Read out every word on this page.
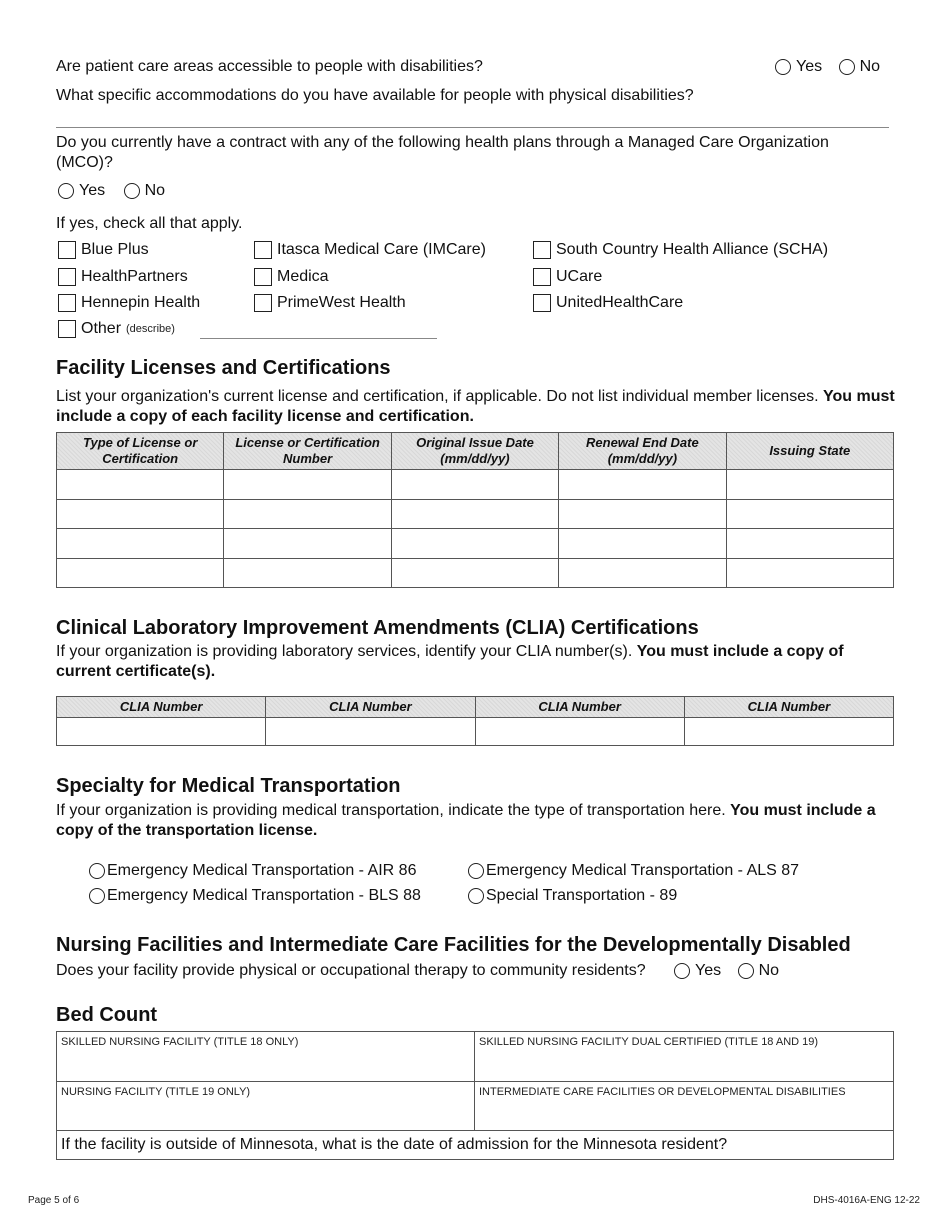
Are patient care areas accessible to people with disabilities?	Yes
No
What specific accommodations do you have available for people with physical disabilities?
Do you currently have a contract with any of the following health plans through a Managed Care Organization (MCO)?
Yes
No
If yes, check all that apply.
Blue Plus
HealthPartners
Hennepin Health
Itasca Medical Care (IMCare)
Medica
PrimeWest Health
South Country Health Alliance (SCHA)
UCare
UnitedHealthCare
Other (describe)
Facility Licenses and Certifications
List your organization's current license and certification, if applicable. Do not list individual member licenses. You must include a copy of each facility license and certification.
Type of License or Certification	License or Certification Number	Original Issue Date (mm/dd/yy)	Renewal End Date (mm/dd/yy)	Issuing State

Clinical Laboratory Improvement Amendments (CLIA) Certifications
If your organization is providing laboratory services, identify your CLIA number(s). You must include a copy of current certificate(s).
CLIA Number	CLIA Number	CLIA Number	CLIA Number

Specialty for Medical Transportation
If your organization is providing medical transportation, indicate the type of transportation here. You must include a copy of the transportation license.
Emergency Medical Transportation - AIR 86
Emergency Medical Transportation - BLS 88
Emergency Medical Transportation - ALS 87
Special Transportation - 89
Nursing Facilities and Intermediate Care Facilities for the Developmentally Disabled
Does your facility provide physical or occupational therapy to community residents?	Yes
No
Bed Count
SKILLED NURSING FACILITY (TITLE 18 ONLY)	SKILLED NURSING FACILITY DUAL CERTIFIED (TITLE 18 AND 19)
NURSING FACILITY (TITLE 19 ONLY)	INTERMEDIATE CARE FACILITIES OR DEVELOPMENTAL DISABILITIES
If the facility is outside of Minnesota, what is the date of admission for the Minnesota resident?
Page 5 of 6	DHS-4016A-ENG 12-22
